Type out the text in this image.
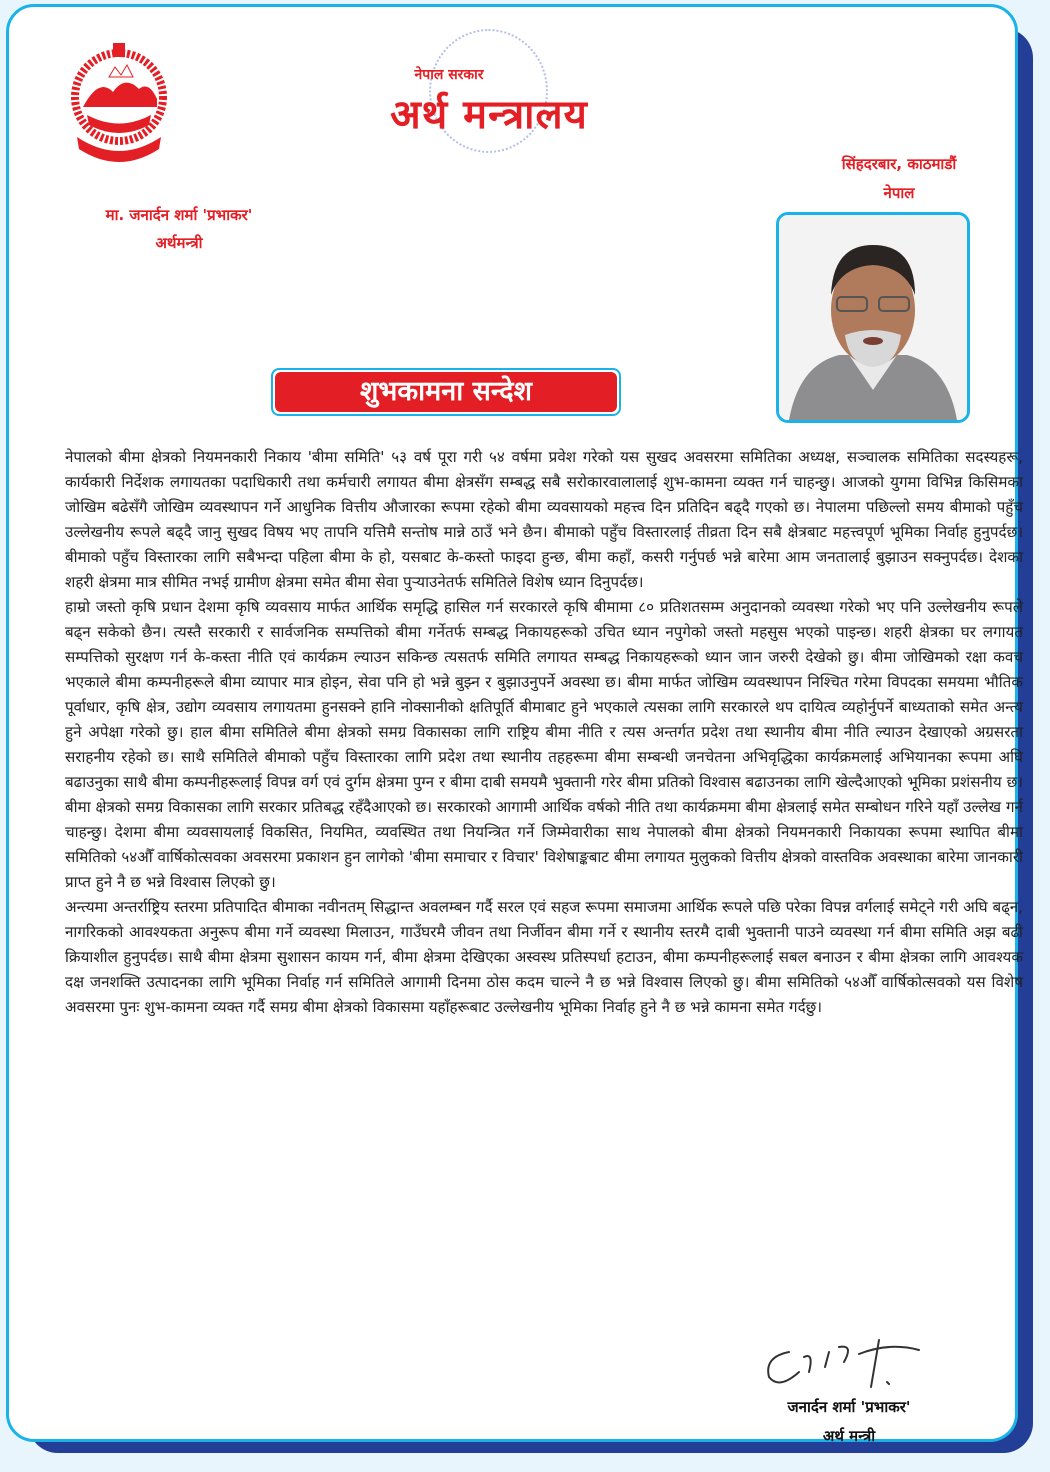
नेपाल सरकार
अर्थ मन्त्रालय
मा. जनार्दन शर्मा 'प्रभाकर'
अर्थमन्त्री
सिंहदरबार, काठमाडौं
नेपाल
शुभकामना सन्देश

नेपालको बीमा क्षेत्रको नियमनकारी निकाय 'बीमा समिति' ५३ वर्ष पूरा गरी ५४ वर्षमा प्रवेश गरेको यस सुखद अवसरमा समितिका अध्यक्ष, सञ्चालक समितिका सदस्यहरू, कार्यकारी निर्देशक लगायतका पदाधिकारी तथा कर्मचारी लगायत बीमा क्षेत्रसँग सम्बद्ध सबै सरोकारवालालाई शुभ-कामना व्यक्त गर्न चाहन्छु। आजको युगमा विभिन्न किसिमका जोखिम बढेसँगै जोखिम व्यवस्थापन गर्ने आधुनिक वित्तीय औजारका रूपमा रहेको बीमा व्यवसायको महत्त्व दिन प्रतिदिन बढ्दै गएको छ। नेपालमा पछिल्लो समय बीमाको पहुँच उल्लेखनीय रूपले बढ्दै जानु सुखद विषय भए तापनि यत्तिमै सन्तोष मान्ने ठाउँ भने छैन। बीमाको पहुँच विस्तारलाई तीव्रता दिन सबै क्षेत्रबाट महत्त्वपूर्ण भूमिका निर्वाह हुनुपर्दछ। बीमाको पहुँच विस्तारका लागि सबैभन्दा पहिला बीमा के हो, यसबाट के-कस्तो फाइदा हुन्छ, बीमा कहाँ, कसरी गर्नुपर्छ भन्ने बारेमा आम जनतालाई बुझाउन सक्नुपर्दछ। देशका शहरी क्षेत्रमा मात्र सीमित नभई ग्रामीण क्षेत्रमा समेत बीमा सेवा पुर्‍याउनेतर्फ समितिले विशेष ध्यान दिनुपर्दछ।

हाम्रो जस्तो कृषि प्रधान देशमा कृषि व्यवसाय मार्फत आर्थिक समृद्धि हासिल गर्न सरकारले कृषि बीमामा ८० प्रतिशतसम्म अनुदानको व्यवस्था गरेको भए पनि उल्लेखनीय रूपले बढ्न सकेको छैन। त्यस्तै सरकारी र सार्वजनिक सम्पत्तिको बीमा गर्नेतर्फ सम्बद्ध निकायहरूको उचित ध्यान नपुगेको जस्तो महसुस भएको पाइन्छ। शहरी क्षेत्रका घर लगायत सम्पत्तिको सुरक्षण गर्न के-कस्ता नीति एवं कार्यक्रम ल्याउन सकिन्छ त्यसतर्फ समिति लगायत सम्बद्ध निकायहरूको ध्यान जान जरुरी देखेको छु। बीमा जोखिमको रक्षा कवच भएकाले बीमा कम्पनीहरूले बीमा व्यापार मात्र होइन, सेवा पनि हो भन्ने बुझ्न र बुझाउनुपर्ने अवस्था छ। बीमा मार्फत जोखिम व्यवस्थापन निश्चित गरेमा विपदका समयमा भौतिक पूर्वाधार, कृषि क्षेत्र, उद्योग व्यवसाय लगायतमा हुनसक्ने हानि नोक्सानीको क्षतिपूर्ति बीमाबाट हुने भएकाले त्यसका लागि सरकारले थप दायित्व व्यहोर्नुपर्ने बाध्यताको समेत अन्त्य हुने अपेक्षा गरेको छु। हाल बीमा समितिले बीमा क्षेत्रको समग्र विकासका लागि राष्ट्रिय बीमा नीति र त्यस अन्तर्गत प्रदेश तथा स्थानीय बीमा नीति ल्याउन देखाएको अग्रसरता सराहनीय रहेको छ। साथै समितिले बीमाको पहुँच विस्तारका लागि प्रदेश तथा स्थानीय तहहरूमा बीमा सम्बन्धी जनचेतना अभिवृद्धिका कार्यक्रमलाई अभियानका रूपमा अघि बढाउनुका साथै बीमा कम्पनीहरूलाई विपन्न वर्ग एवं दुर्गम क्षेत्रमा पुग्न र बीमा दाबी समयमै भुक्तानी गरेर बीमा प्रतिको विश्वास बढाउनका लागि खेल्दैआएको भूमिका प्रशंसनीय छ। बीमा क्षेत्रको समग्र विकासका लागि सरकार प्रतिबद्ध रहँदैआएको छ। सरकारको आगामी आर्थिक वर्षको नीति तथा कार्यक्रममा बीमा क्षेत्रलाई समेत सम्बोधन गरिने यहाँ उल्लेख गर्न चाहन्छु। देशमा बीमा व्यवसायलाई विकसित, नियमित, व्यवस्थित तथा नियन्त्रित गर्ने जिम्मेवारीका साथ नेपालको बीमा क्षेत्रको नियमनकारी निकायका रूपमा स्थापित बीमा समितिको ५४औँ वार्षिकोत्सवका अवसरमा प्रकाशन हुन लागेको 'बीमा समाचार र विचार' विशेषाङ्कबाट बीमा लगायत मुलुकको वित्तीय क्षेत्रको वास्तविक अवस्थाका बारेमा जानकारी प्राप्त हुने नै छ भन्ने विश्वास लिएको छु।

अन्त्यमा अन्तर्राष्ट्रिय स्तरमा प्रतिपादित बीमाका नवीनतम् सिद्धान्त अवलम्बन गर्दै सरल एवं सहज रूपमा समाजमा आर्थिक रूपले पछि परेका विपन्न वर्गलाई समेट्ने गरी अघि बढ्न, नागरिकको आवश्यकता अनुरूप बीमा गर्ने व्यवस्था मिलाउन, गाउँघरमै जीवन तथा निर्जीवन बीमा गर्ने र स्थानीय स्तरमै दाबी भुक्तानी पाउने व्यवस्था गर्न बीमा समिति अझ बढी क्रियाशील हुनुपर्दछ। साथै बीमा क्षेत्रमा सुशासन कायम गर्न, बीमा क्षेत्रमा देखिएका अस्वस्थ प्रतिस्पर्धा हटाउन, बीमा कम्पनीहरूलाई सबल बनाउन र बीमा क्षेत्रका लागि आवश्यक दक्ष जनशक्ति उत्पादनका लागि भूमिका निर्वाह गर्न समितिले आगामी दिनमा ठोस कदम चाल्ने नै छ भन्ने विश्वास लिएको छु। बीमा समितिको ५४औँ वार्षिकोत्सवको यस विशेष अवसरमा पुनः शुभ-कामना व्यक्त गर्दै समग्र बीमा क्षेत्रको विकासमा यहाँहरूबाट उल्लेखनीय भूमिका निर्वाह हुने नै छ भन्ने कामना समेत गर्दछु।

जनार्दन शर्मा 'प्रभाकर'
अर्थ मन्त्री
